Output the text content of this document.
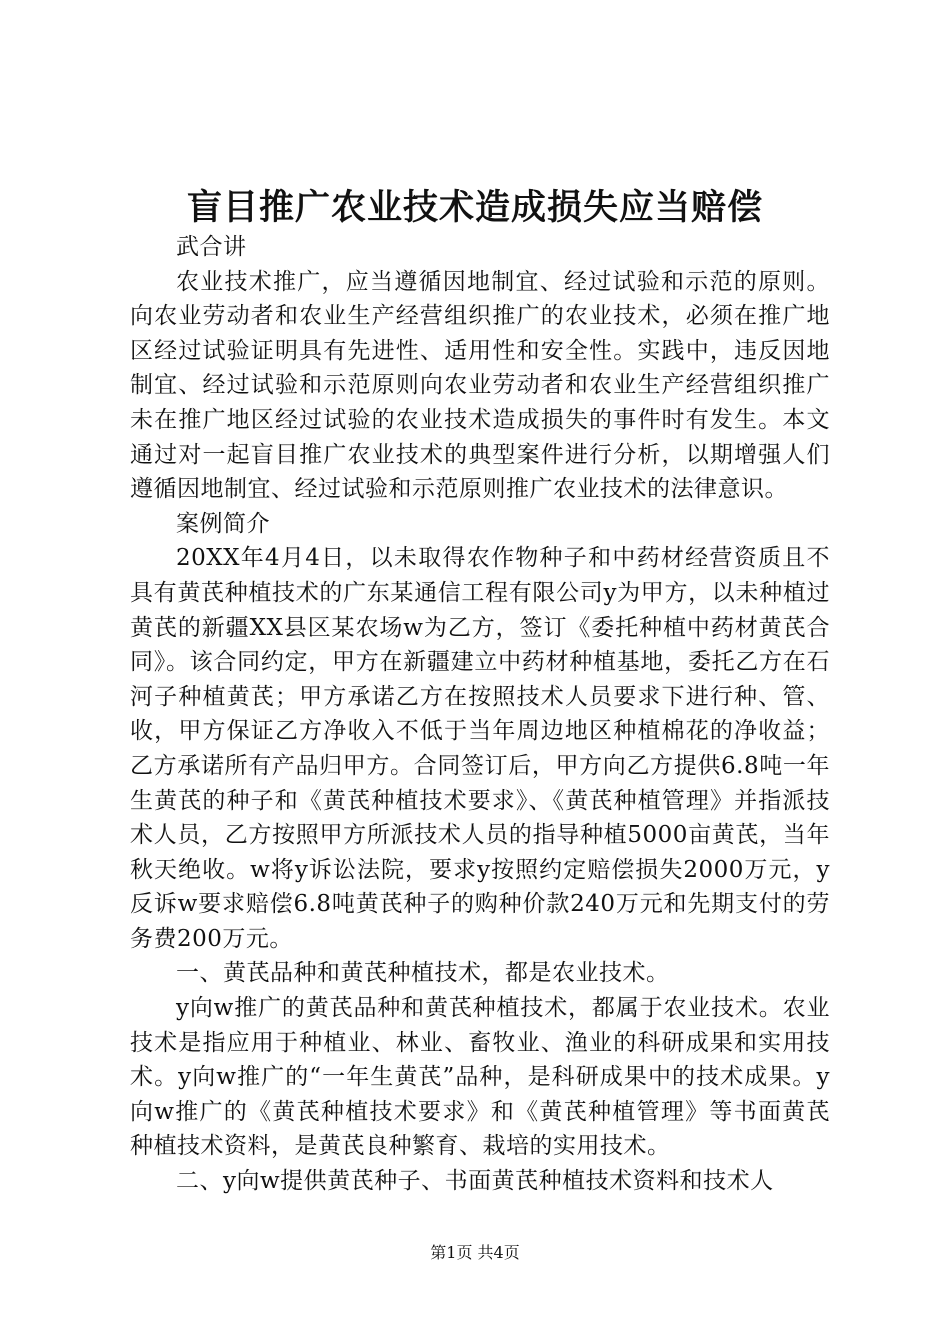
盲目推广农业技术造成损失应当赔偿

武合讲

农业技术推广，应当遵循因地制宜、经过试验和示范的原则。向农业劳动者和农业生产经营组织推广的农业技术，必须在推广地区经过试验证明具有先进性、适用性和安全性。实践中，违反因地制宜、经过试验和示范原则向农业劳动者和农业生产经营组织推广未在推广地区经过试验的农业技术造成损失的事件时有发生。本文通过对一起盲目推广农业技术的典型案件进行分析，以期增强人们遵循因地制宜、经过试验和示范原则推广农业技术的法律意识。

案例简介

20XX年4月4日，以未取得农作物种子和中药材经营资质且不具有黄芪种植技术的广东某通信工程有限公司y为甲方，以未种植过黄芪的新疆XX县区某农场w为乙方，签订《委托种植中药材黄芪合同》。该合同约定，甲方在新疆建立中药材种植基地，委托乙方在石河子种植黄芪；甲方承诺乙方在按照技术人员要求下进行种、管、收，甲方保证乙方净收入不低于当年周边地区种植棉花的净收益；乙方承诺所有产品归甲方。合同签订后，甲方向乙方提供6.8吨一年生黄芪的种子和《黄芪种植技术要求》、《黄芪种植管理》并指派技术人员，乙方按照甲方所派技术人员的指导种植5000亩黄芪，当年秋天绝收。w将y诉讼法院，要求y按照约定赔偿损失2000万元，y反诉w要求赔偿6.8吨黄芪种子的购种价款240万元和先期支付的劳务费200万元。

一、黄芪品种和黄芪种植技术，都是农业技术。

y向w推广的黄芪品种和黄芪种植技术，都属于农业技术。农业技术是指应用于种植业、林业、畜牧业、渔业的科研成果和实用技术。y向w推广的“一年生黄芪”品种，是科研成果中的技术成果。y向w推广的《黄芪种植技术要求》和《黄芪种植管理》等书面黄芪种植技术资料，是黄芪良种繁育、栽培的实用技术。

二、y向w提供黄芪种子、书面黄芪种植技术资料和技术人

第1页 共4页
